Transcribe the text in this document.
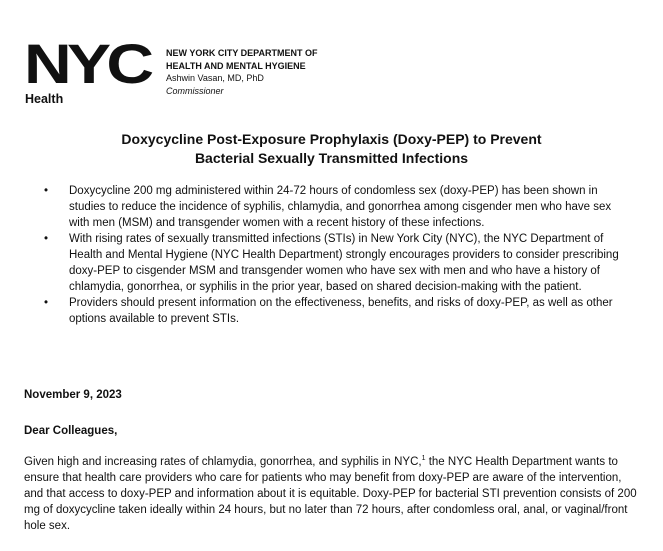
NYC
Health
NEW YORK CITY DEPARTMENT OF
HEALTH AND MENTAL HYGIENE
Ashwin Vasan, MD, PhD
Commissioner
Doxycycline Post-Exposure Prophylaxis (Doxy-PEP) to Prevent
Bacterial Sexually Transmitted Infections
• Doxycycline 200 mg administered within 24-72 hours of condomless sex (doxy-PEP) has been shown in studies to reduce the incidence of syphilis, chlamydia, and gonorrhea among cisgender men who have sex with men (MSM) and transgender women with a recent history of these infections.
• With rising rates of sexually transmitted infections (STIs) in New York City (NYC), the NYC Department of Health and Mental Hygiene (NYC Health Department) strongly encourages providers to consider prescribing doxy-PEP to cisgender MSM and transgender women who have sex with men and who have a history of chlamydia, gonorrhea, or syphilis in the prior year, based on shared decision-making with the patient.
• Providers should present information on the effectiveness, benefits, and risks of doxy-PEP, as well as other options available to prevent STIs.
November 9, 2023
Dear Colleagues,

Given high and increasing rates of chlamydia, gonorrhea, and syphilis in NYC,$^1$ the NYC Health Department wants to ensure that health care providers who care for patients who may benefit from doxy-PEP are aware of the intervention, and that access to doxy-PEP and information about it is equitable. Doxy-PEP for bacterial STI prevention consists of 200 mg of doxycycline taken ideally within 24 hours, but no later than 72 hours, after condomless oral, anal, or vaginal/front hole sex.
